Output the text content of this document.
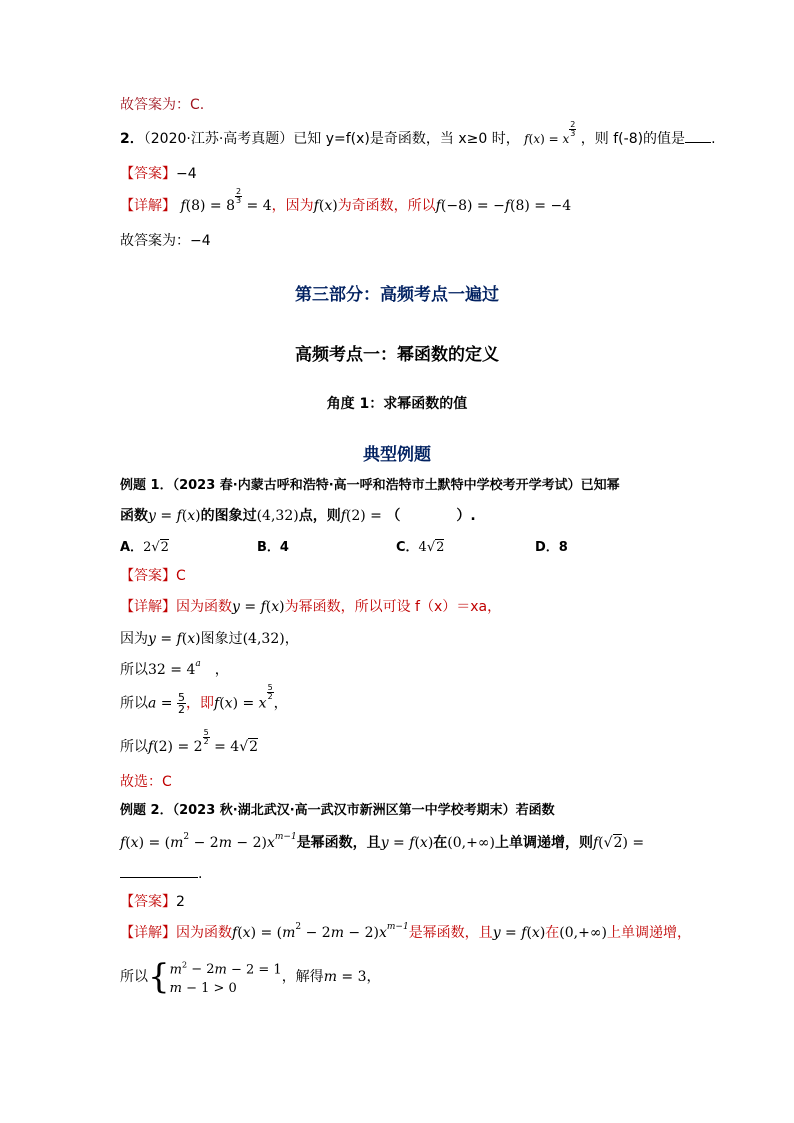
故答案为：C.
2．（2020·江苏·高考真题）已知 y=f(x)是奇函数，当 x≥0 时， f(x) = x
$\frac{2}{3}$
，则 f(-8)的值是 .
【答案】−4
【详解】 f(8) = 8
$\frac{2}{3}$
= 4，因为f(x)为奇函数，所以f(−8) = −f(8) = −4
故答案为：−4
第三部分：高频考点一遍过
高频考点一：幂函数的定义
角度 1：求幂函数的值
典型例题
例题 1．（2023 春·内蒙古呼和浩特·高一呼和浩特市土默特中学校考开学考试）已知幂
函数y = f(x)的图象过(4,32)点，则f(2) = （　　　　）.
A．2√2	B．4	C．4√2	D．8
【答案】C
【详解】因为函数y = f(x)为幂函数，所以可设 f（x）＝xa，
因为y = f(x)图象过(4,32)，
所以$32 = 4^a$　，
所以$a = \frac{5}{2}$ ，即f(x) = x
$\frac{5}{2}$
，
所以f(2) = 2
$\frac{5}{2}$
= 4√2
故选：C
例题 2．（2023 秋·湖北武汉·高一武汉市新洲区第一中学校考期末）若函数
$f(x) = (m^2 - 2m - 2)x^{m-1}$是幂函数，且y = f(x)在(0,+∞)上单调递增，则f(√2) =
.
【答案】2
【详解】因为函数$f(x) = (m^2 - 2m - 2)x^{m-1}$是幂函数，且y = f(x)在(0,+∞)上单调递增，
所以{ $m^2 - 2m - 2 = 1$
m − 1 > 0
，解得m = 3，
